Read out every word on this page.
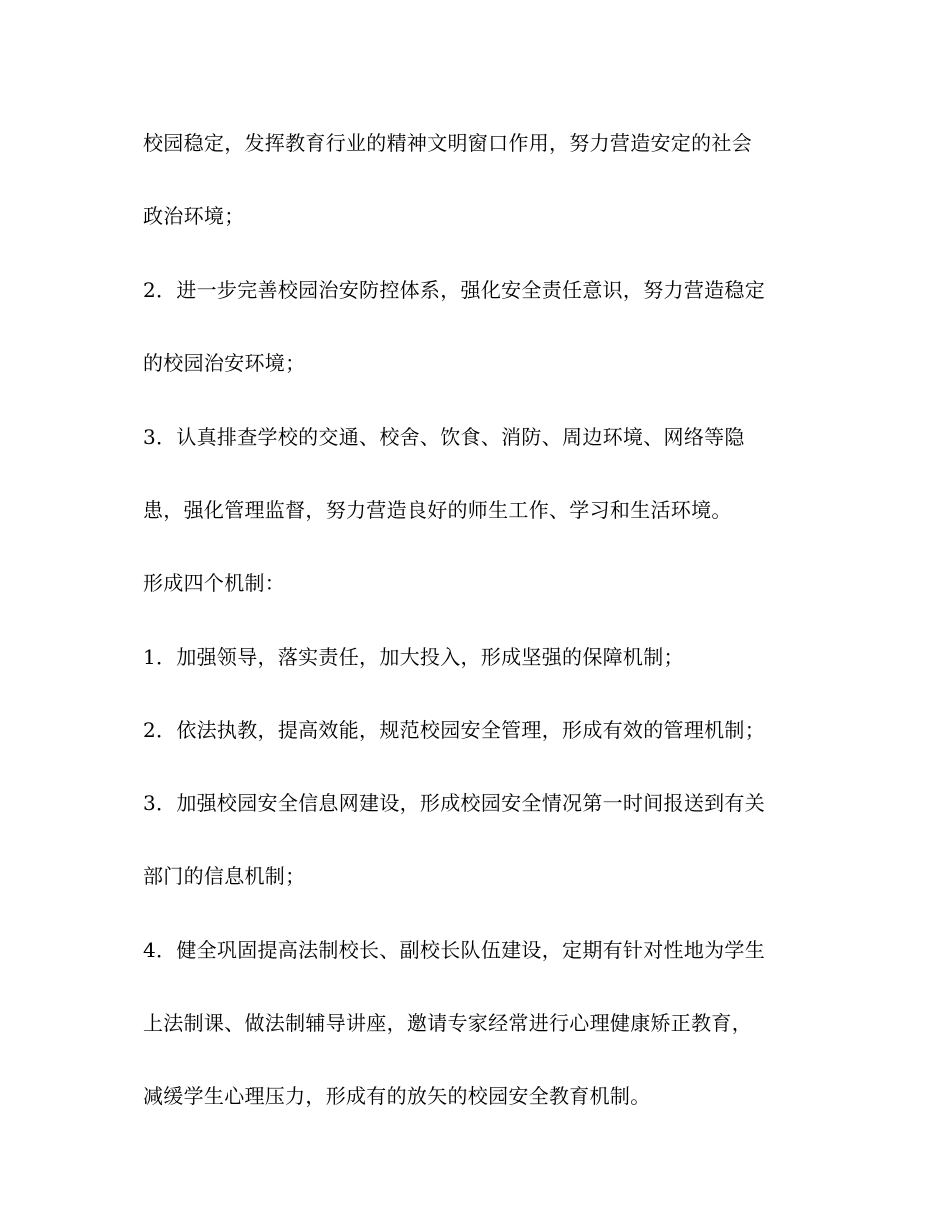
校园稳定，发挥教育行业的精神文明窗口作用，努力营造安定的社会
政治环境；
2．进一步完善校园治安防控体系，强化安全责任意识，努力营造稳定
的校园治安环境；
3．认真排查学校的交通、校舍、饮食、消防、周边环境、网络等隐
患，强化管理监督，努力营造良好的师生工作、学习和生活环境。
形成四个机制：
1．加强领导，落实责任，加大投入，形成坚强的保障机制；
2．依法执教，提高效能，规范校园安全管理，形成有效的管理机制；
3．加强校园安全信息网建设，形成校园安全情况第一时间报送到有关
部门的信息机制；
4．健全巩固提高法制校长、副校长队伍建设，定期有针对性地为学生
上法制课、做法制辅导讲座，邀请专家经常进行心理健康矫正教育，
减缓学生心理压力，形成有的放矢的校园安全教育机制。
